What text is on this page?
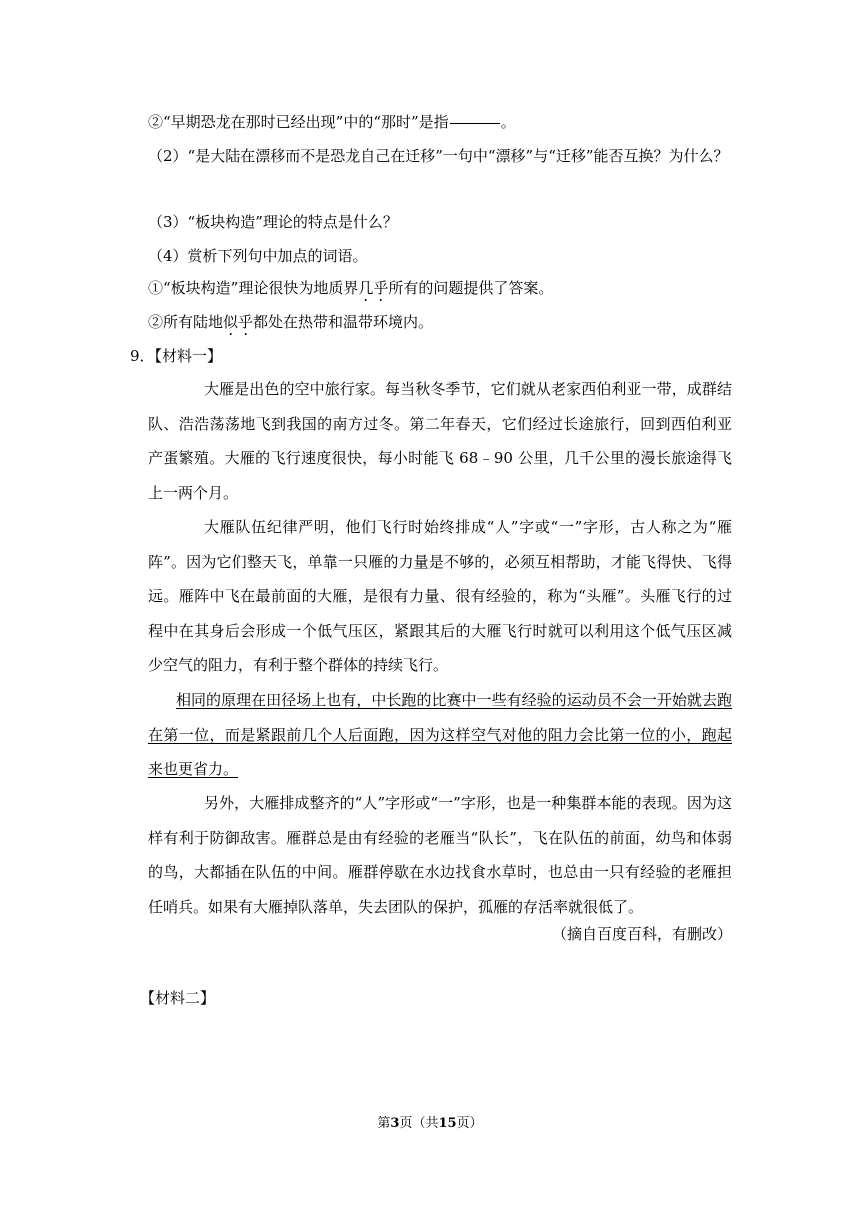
②“早期恐龙在那时已经出现”中的“那时”是指	。
（2）“是大陆在漂移而不是恐龙自己在迁移”一句中“漂移”与“迁移”能否互换？为什么？
（3）“板块构造”理论的特点是什么？
（4）赏析下列句中加点的词语。
①“板块构造”理论很快为地质界几乎所有的问题提供了答案。
②所有陆地似乎都处在热带和温带环境内。
9．【材料一】
大雁是出色的空中旅行家。每当秋冬季节，它们就从老家西伯利亚一带，成群结队、浩浩荡荡地飞到我国的南方过冬。第二年春天，它们经过长途旅行，回到西伯利亚产蛋繁殖。大雁的飞行速度很快，每小时能飞 68﹣90 公里，几千公里的漫长旅途得飞上一两个月。
大雁队伍纪律严明，他们飞行时始终排成“人”字或“一”字形，古人称之为“雁阵”。因为它们整天飞，单靠一只雁的力量是不够的，必须互相帮助，才能飞得快、飞得远。雁阵中飞在最前面的大雁，是很有力量、很有经验的，称为“头雁”。头雁飞行的过程中在其身后会形成一个低气压区，紧跟其后的大雁飞行时就可以利用这个低气压区减少空气的阻力，有利于整个群体的持续飞行。
相同的原理在田径场上也有，中长跑的比赛中一些有经验的运动员不会一开始就去跑在第一位，而是紧跟前几个人后面跑，因为这样空气对他的阻力会比第一位的小，跑起来也更省力。
另外，大雁排成整齐的“人”字形或“一”字形，也是一种集群本能的表现。因为这样有利于防御敌害。雁群总是由有经验的老雁当“队长”，飞在队伍的前面，幼鸟和体弱的鸟，大都插在队伍的中间。雁群停歇在水边找食水草时，也总由一只有经验的老雁担任哨兵。如果有大雁掉队落单，失去团队的保护，孤雁的存活率就很低了。
（摘自百度百科，有删改）
【材料二】
第3页（共15页）
